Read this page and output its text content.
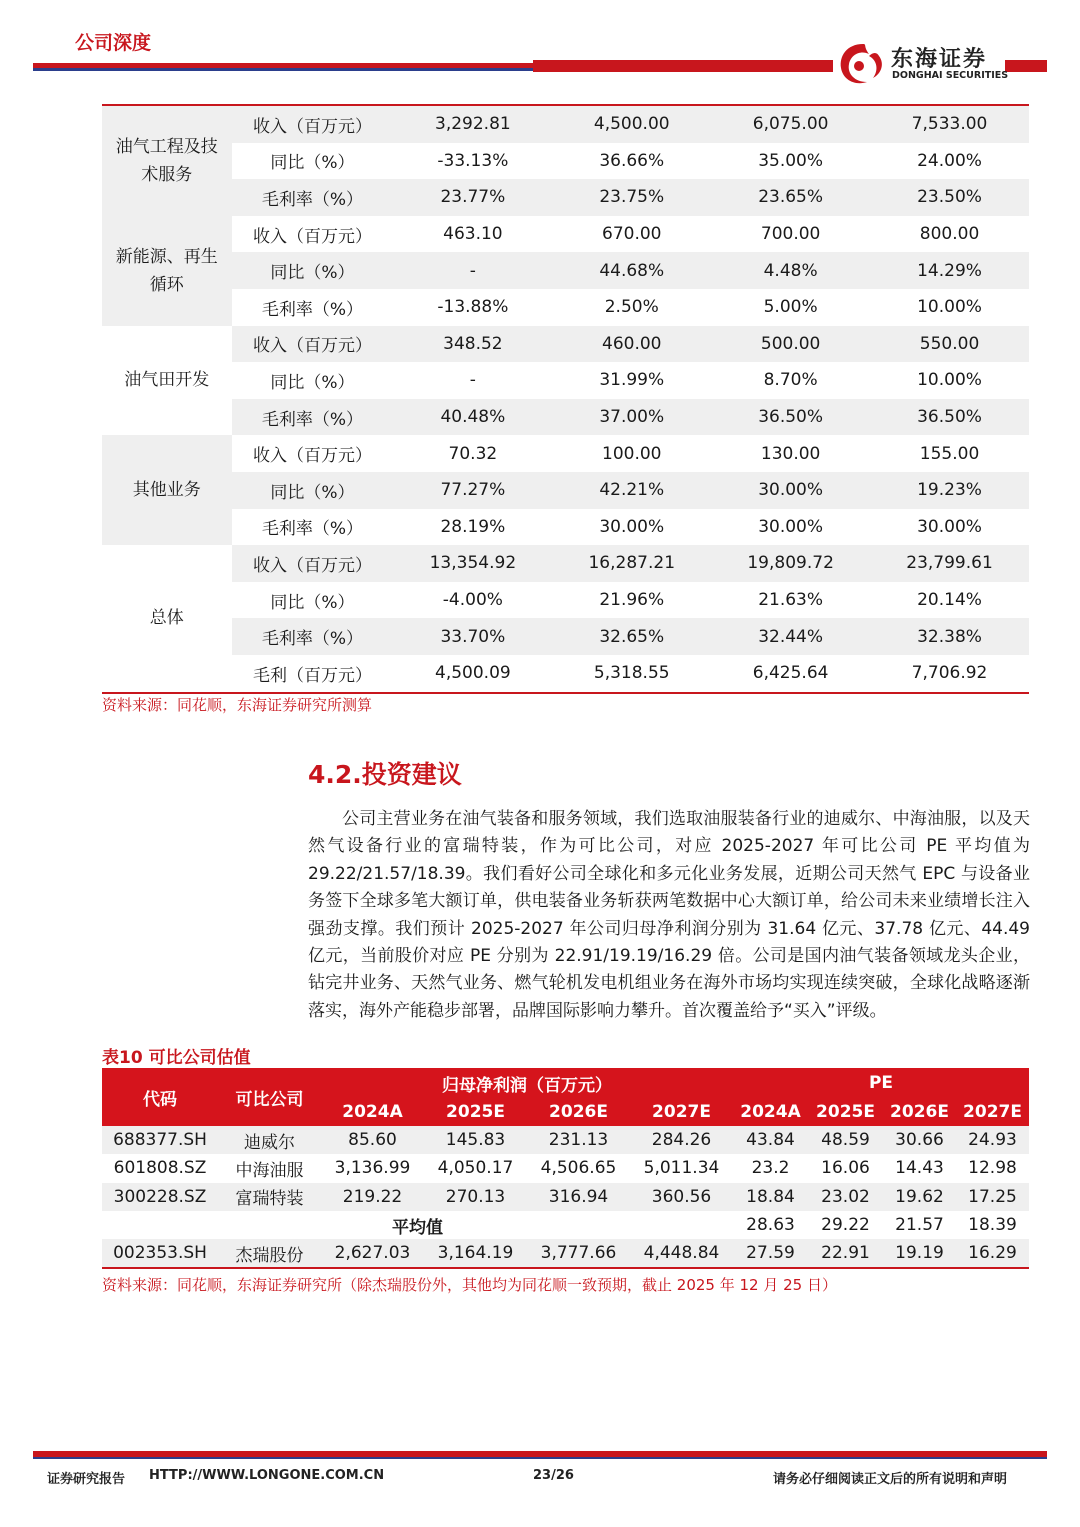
公司深度
东海证券
DONGHAI SECURITIES
油气工程及技
术服务	收入（百万元）	3,292.81	4,500.00	6,075.00	7,533.00
	同比（%）	-33.13%	36.66%	35.00%	24.00%
	毛利率（%）	23.77%	23.75%	23.65%	23.50%
新能源、再生
循环	收入（百万元）	463.10	670.00	700.00	800.00
	同比（%）	-	44.68%	4.48%	14.29%
	毛利率（%）	-13.88%	2.50%	5.00%	10.00%
油气田开发	收入（百万元）	348.52	460.00	500.00	550.00
	同比（%）	-	31.99%	8.70%	10.00%
	毛利率（%）	40.48%	37.00%	36.50%	36.50%
其他业务	收入（百万元）	70.32	100.00	130.00	155.00
	同比（%）	77.27%	42.21%	30.00%	19.23%
	毛利率（%）	28.19%	30.00%	30.00%	30.00%
总体	收入（百万元）	13,354.92	16,287.21	19,809.72	23,799.61
	同比（%）	-4.00%	21.96%	21.63%	20.14%
	毛利率（%）	33.70%	32.65%	32.44%	32.38%
	毛利（百万元）	4,500.09	5,318.55	6,425.64	7,706.92
资料来源：同花顺，东海证券研究所测算
4.2.投资建议
公司主营业务在油气装备和服务领域，我们选取油服装备行业的迪威尔、中海油服，以及天然气设备行业的富瑞特装，作为可比公司，对应 2025-2027 年可比公司 PE 平均值为 29.22/21.57/18.39。我们看好公司全球化和多元化业务发展，近期公司天然气 EPC 与设备业务签下全球多笔大额订单，供电装备业务斩获两笔数据中心大额订单，给公司未来业绩增长注入强劲支撑。我们预计 2025-2027 年公司归母净利润分别为 31.64 亿元、37.78 亿元、44.49 亿元，当前股价对应 PE 分别为 22.91/19.19/16.29 倍。公司是国内油气装备领域龙头企业，钻完井业务、天然气业务、燃气轮机发电机组业务在海外市场均实现连续突破，全球化战略逐渐落实，海外产能稳步部署，品牌国际影响力攀升。首次覆盖给予“买入”评级。
表10 可比公司估值
代码	可比公司	归母净利润（百万元）				PE			
		2024A	2025E	2026E	2027E	2024A	2025E	2026E	2027E
688377.SH	迪威尔	85.60	145.83	231.13	284.26	43.84	48.59	30.66	24.93
601808.SZ	中海油服	3,136.99	4,050.17	4,506.65	5,011.34	23.2	16.06	14.43	12.98
300228.SZ	富瑞特装	219.22	270.13	316.94	360.56	18.84	23.02	19.62	17.25
平均值						28.63	29.22	21.57	18.39
002353.SH	杰瑞股份	2,627.03	3,164.19	3,777.66	4,448.84	27.59	22.91	19.19	16.29
资料来源：同花顺，东海证券研究所（除杰瑞股份外，其他均为同花顺一致预期，截止 2025 年 12 月 25 日）
证券研究报告 HTTP://WWW.LONGONE.COM.CN	23/26	请务必仔细阅读正文后的所有说明和声明
